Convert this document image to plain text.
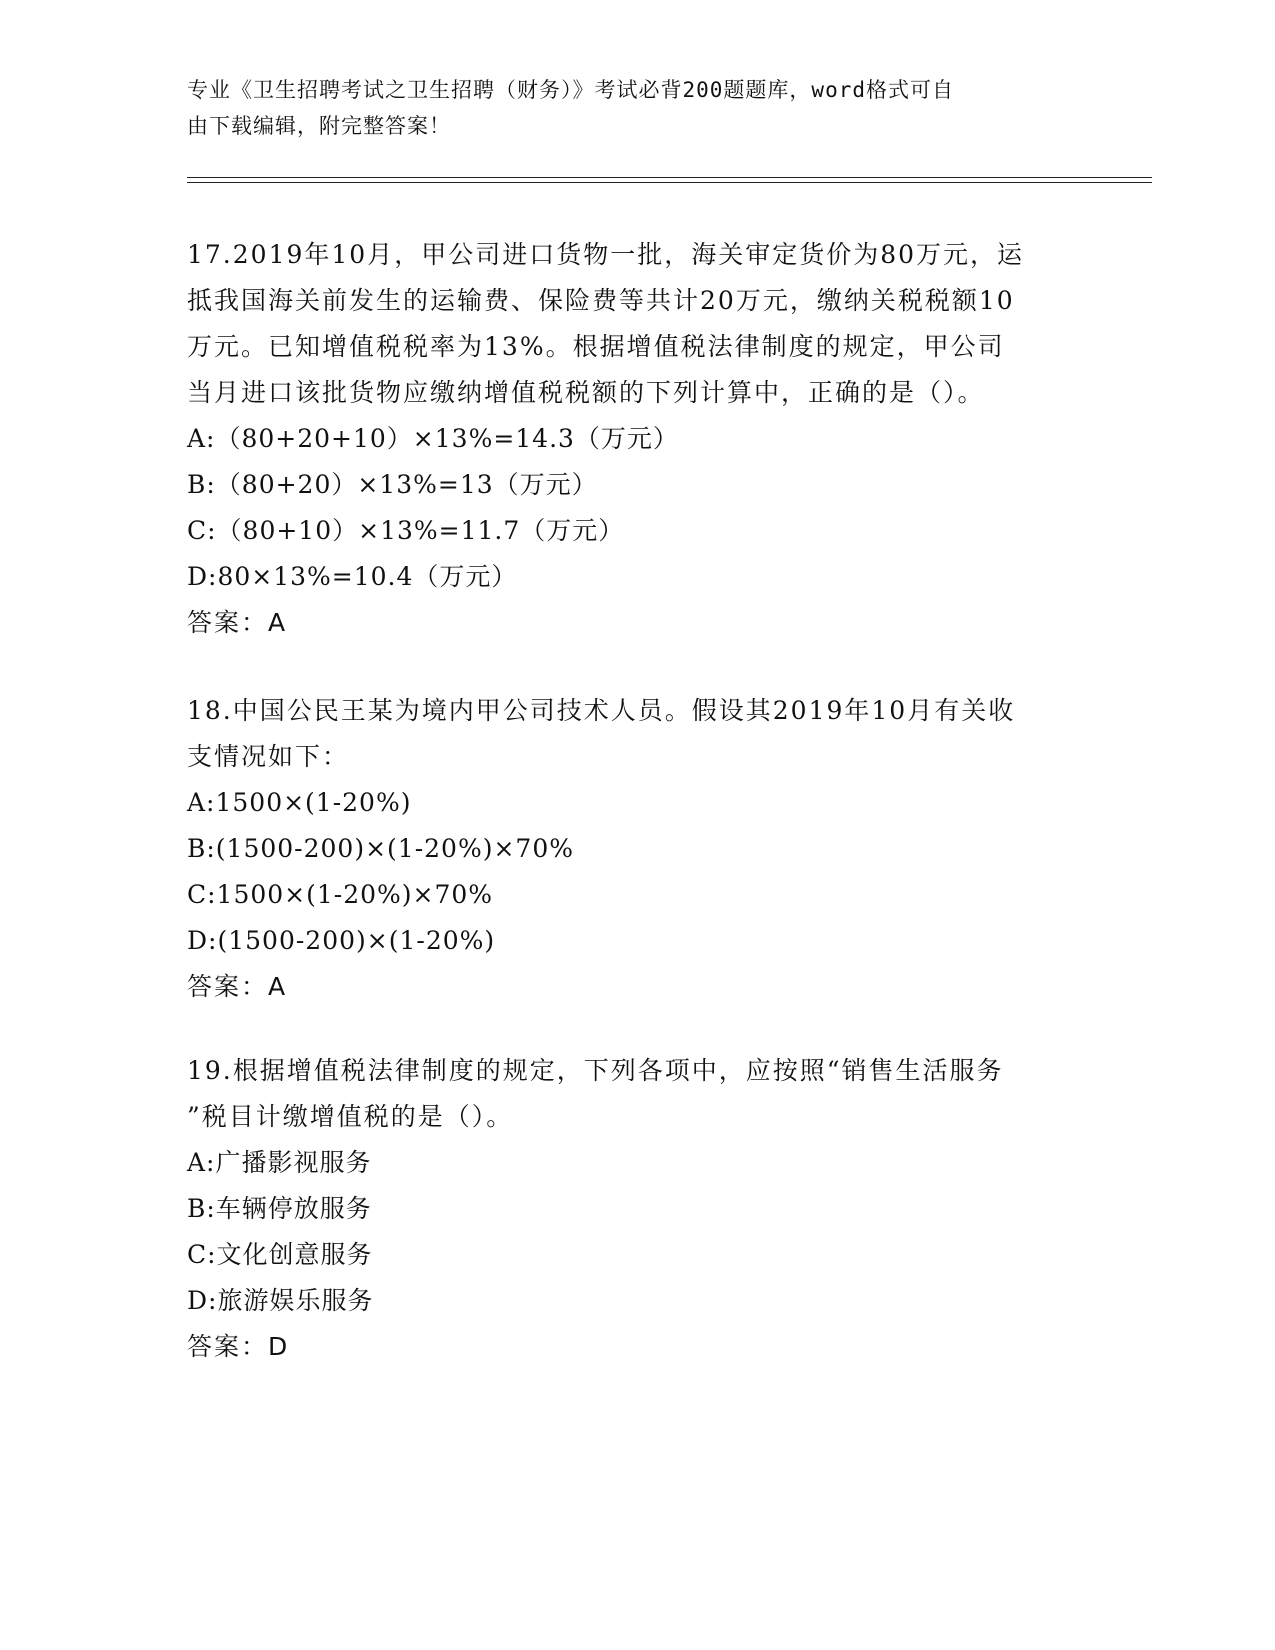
专业《卫生招聘考试之卫生招聘（财务）》考试必背200题题库，word格式可自
由下载编辑，附完整答案！

17.2019年10月，甲公司进口货物一批，海关审定货价为80万元，运

抵我国海关前发生的运输费、保险费等共计20万元，缴纳关税税额10

万元。已知增值税税率为13%。根据增值税法律制度的规定，甲公司

当月进口该批货物应缴纳增值税税额的下列计算中，正确的是（）。

A:（80+20+10）×13%=14.3（万元）

B:（80+20）×13%=13（万元）

C:（80+10）×13%=11.7（万元）

D:80×13%=10.4（万元）

答案：A

18.中国公民王某为境内甲公司技术人员。假设其2019年10月有关收

支情况如下：

A:1500×(1-20%)

B:(1500-200)×(1-20%)×70%

C:1500×(1-20%)×70%

D:(1500-200)×(1-20%)

答案：A

19.根据增值税法律制度的规定，下列各项中，应按照“销售生活服务

”税目计缴增值税的是（）。

A:广播影视服务

B:车辆停放服务

C:文化创意服务

D:旅游娱乐服务

答案：D
